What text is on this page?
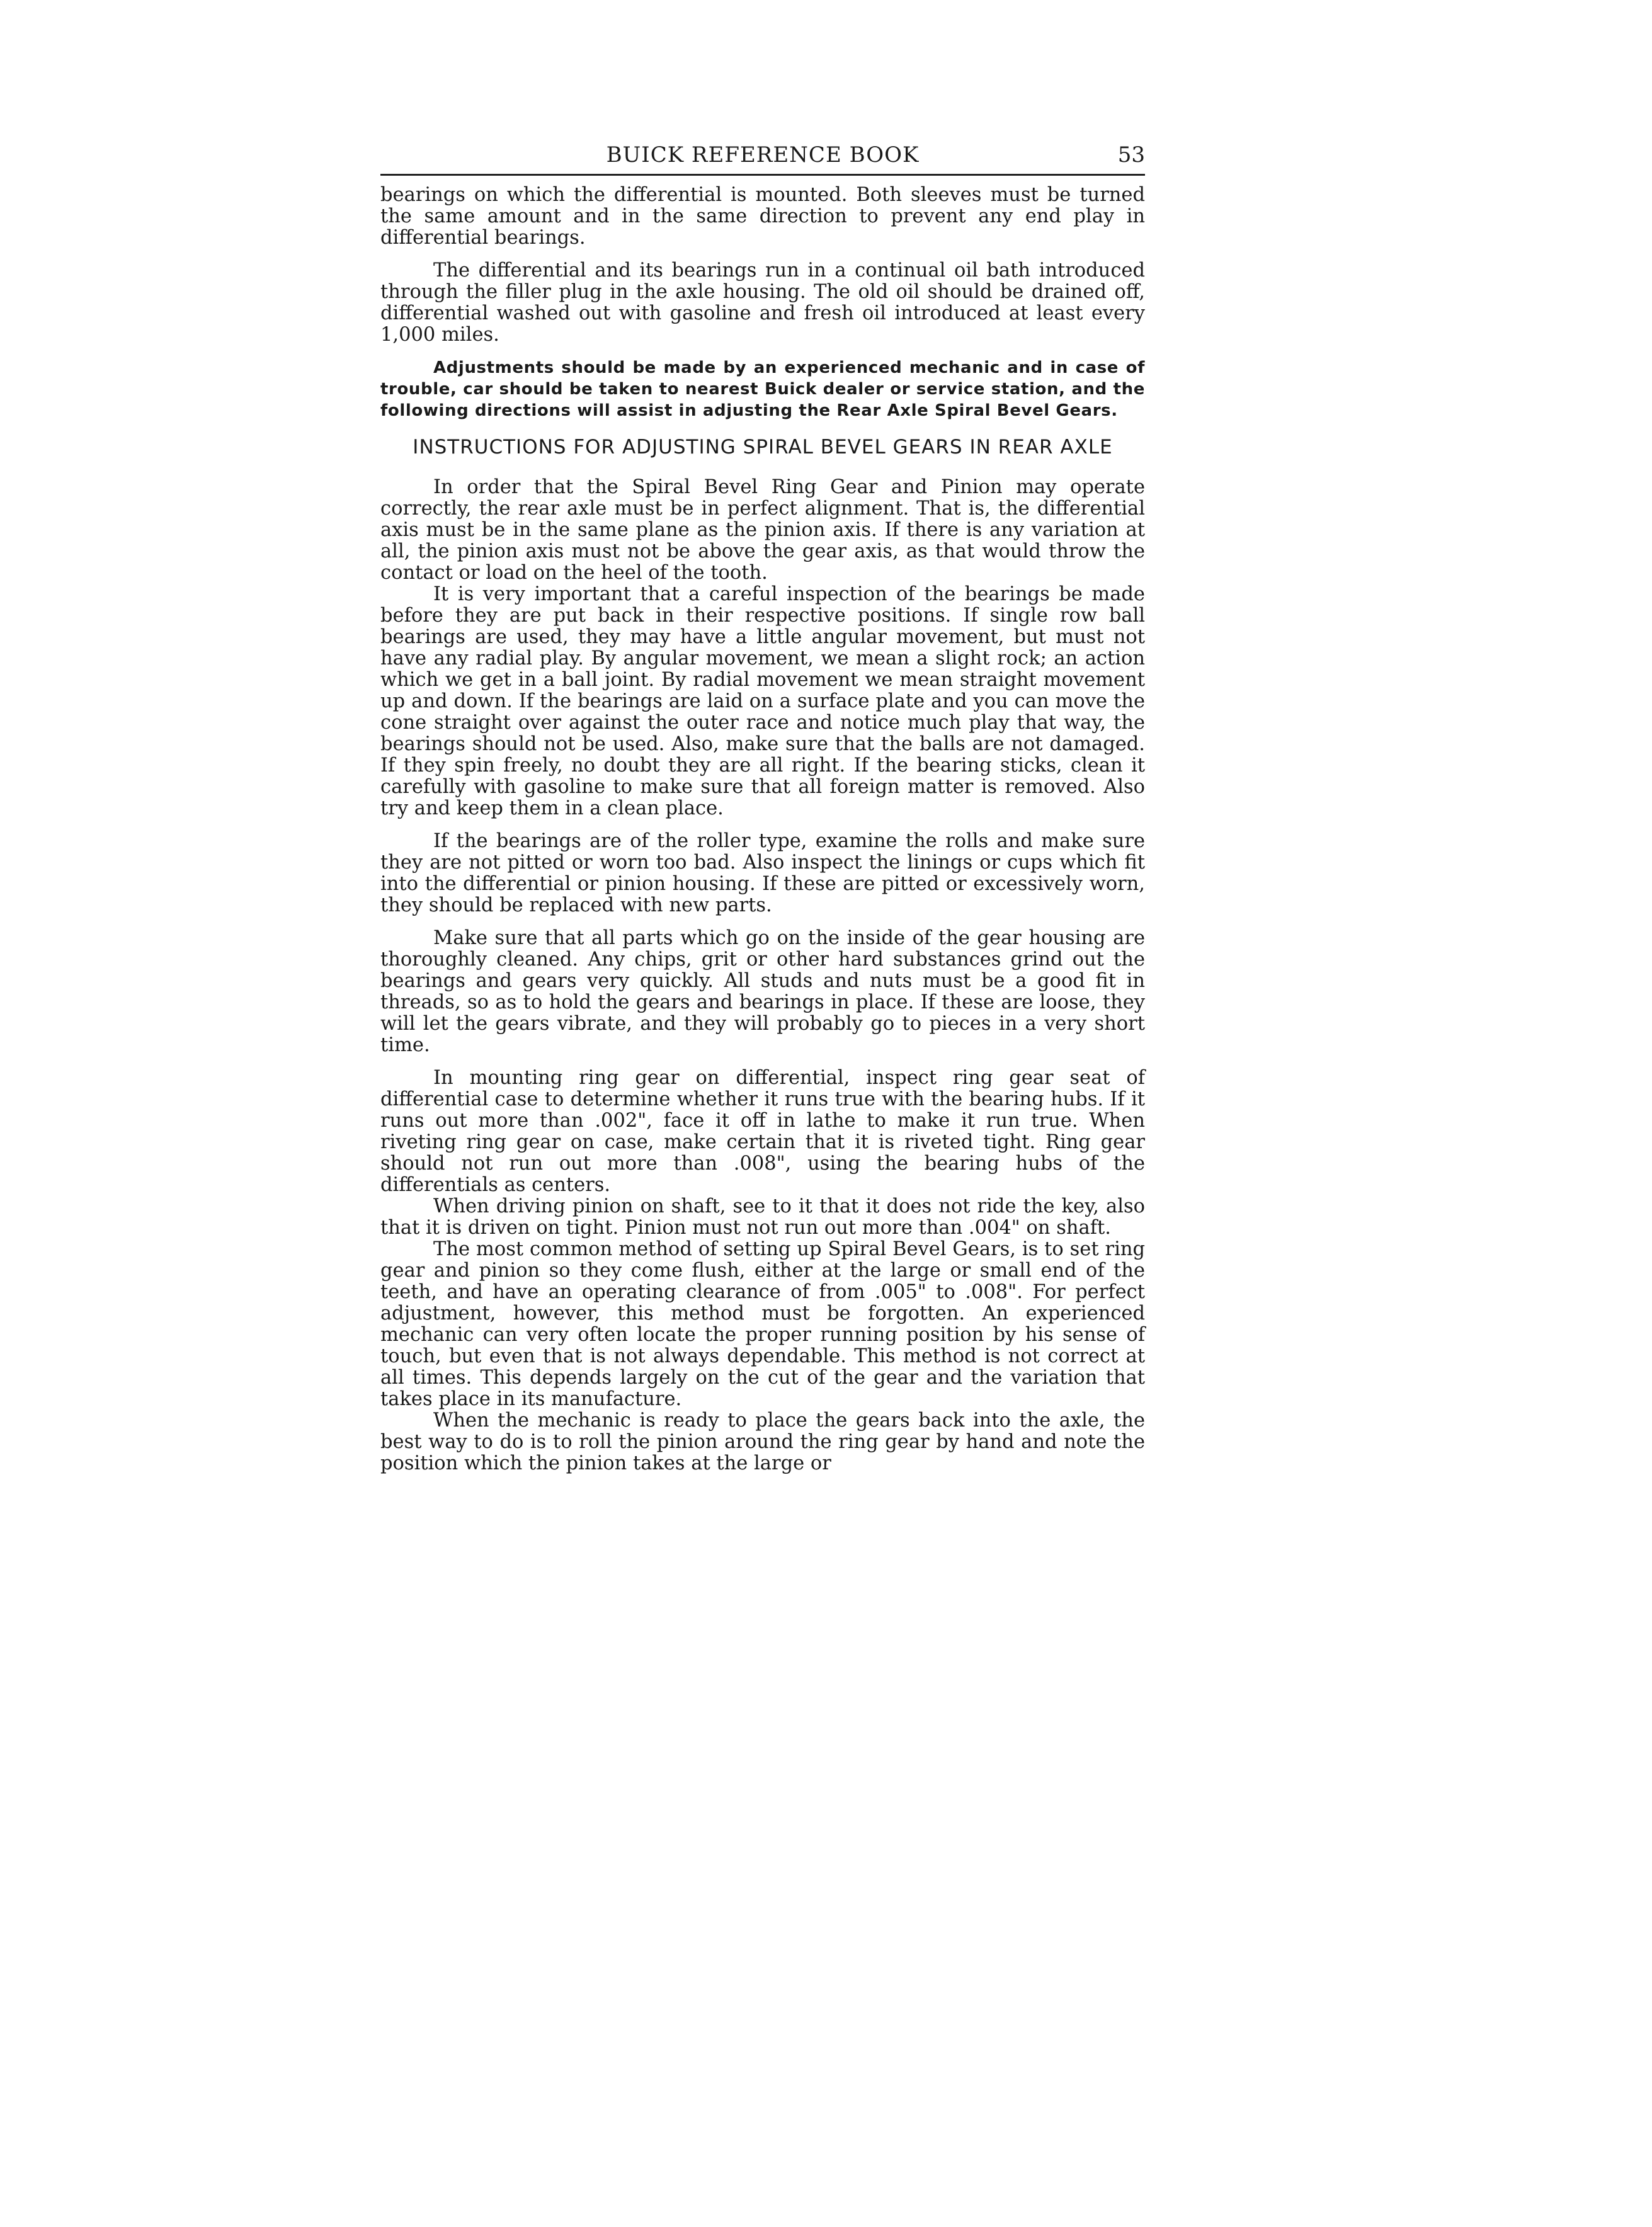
BUICK REFERENCE BOOK	53

bearings on which the differential is mounted. Both sleeves must be turned the same amount and in the same direction to prevent any end play in differential bearings.

The differential and its bearings run in a continual oil bath introduced through the filler plug in the axle housing. The old oil should be drained off, differential washed out with gasoline and fresh oil introduced at least every 1,000 miles.

Adjustments should be made by an experienced mechanic and in case of trouble, car should be taken to nearest Buick dealer or service station, and the following directions will assist in adjusting the Rear Axle Spiral Bevel Gears.

INSTRUCTIONS FOR ADJUSTING SPIRAL BEVEL GEARS IN REAR AXLE

In order that the Spiral Bevel Ring Gear and Pinion may operate correctly, the rear axle must be in perfect alignment. That is, the differential axis must be in the same plane as the pinion axis. If there is any variation at all, the pinion axis must not be above the gear axis, as that would throw the contact or load on the heel of the tooth.

It is very important that a careful inspection of the bearings be made before they are put back in their respective positions. If single row ball bearings are used, they may have a little angular movement, but must not have any radial play. By angular movement, we mean a slight rock; an action which we get in a ball joint. By radial movement we mean straight movement up and down. If the bearings are laid on a surface plate and you can move the cone straight over against the outer race and notice much play that way, the bearings should not be used. Also, make sure that the balls are not damaged. If they spin freely, no doubt they are all right. If the bearing sticks, clean it carefully with gasoline to make sure that all foreign matter is removed. Also try and keep them in a clean place.

If the bearings are of the roller type, examine the rolls and make sure they are not pitted or worn too bad. Also inspect the linings or cups which fit into the differential or pinion housing. If these are pitted or excessively worn, they should be replaced with new parts.

Make sure that all parts which go on the inside of the gear housing are thoroughly cleaned. Any chips, grit or other hard substances grind out the bearings and gears very quickly. All studs and nuts must be a good fit in threads, so as to hold the gears and bearings in place. If these are loose, they will let the gears vibrate, and they will probably go to pieces in a very short time.

In mounting ring gear on differential, inspect ring gear seat of differential case to determine whether it runs true with the bearing hubs. If it runs out more than .002", face it off in lathe to make it run true. When riveting ring gear on case, make certain that it is riveted tight. Ring gear should not run out more than .008", using the bearing hubs of the differentials as centers.

When driving pinion on shaft, see to it that it does not ride the key, also that it is driven on tight. Pinion must not run out more than .004" on shaft.

The most common method of setting up Spiral Bevel Gears, is to set ring gear and pinion so they come flush, either at the large or small end of the teeth, and have an operating clearance of from .005" to .008". For perfect adjustment, however, this method must be forgotten. An experienced mechanic can very often locate the proper running position by his sense of touch, but even that is not always dependable. This method is not correct at all times. This depends largely on the cut of the gear and the variation that takes place in its manufacture.

When the mechanic is ready to place the gears back into the axle, the best way to do is to roll the pinion around the ring gear by hand and note the position which the pinion takes at the large or
